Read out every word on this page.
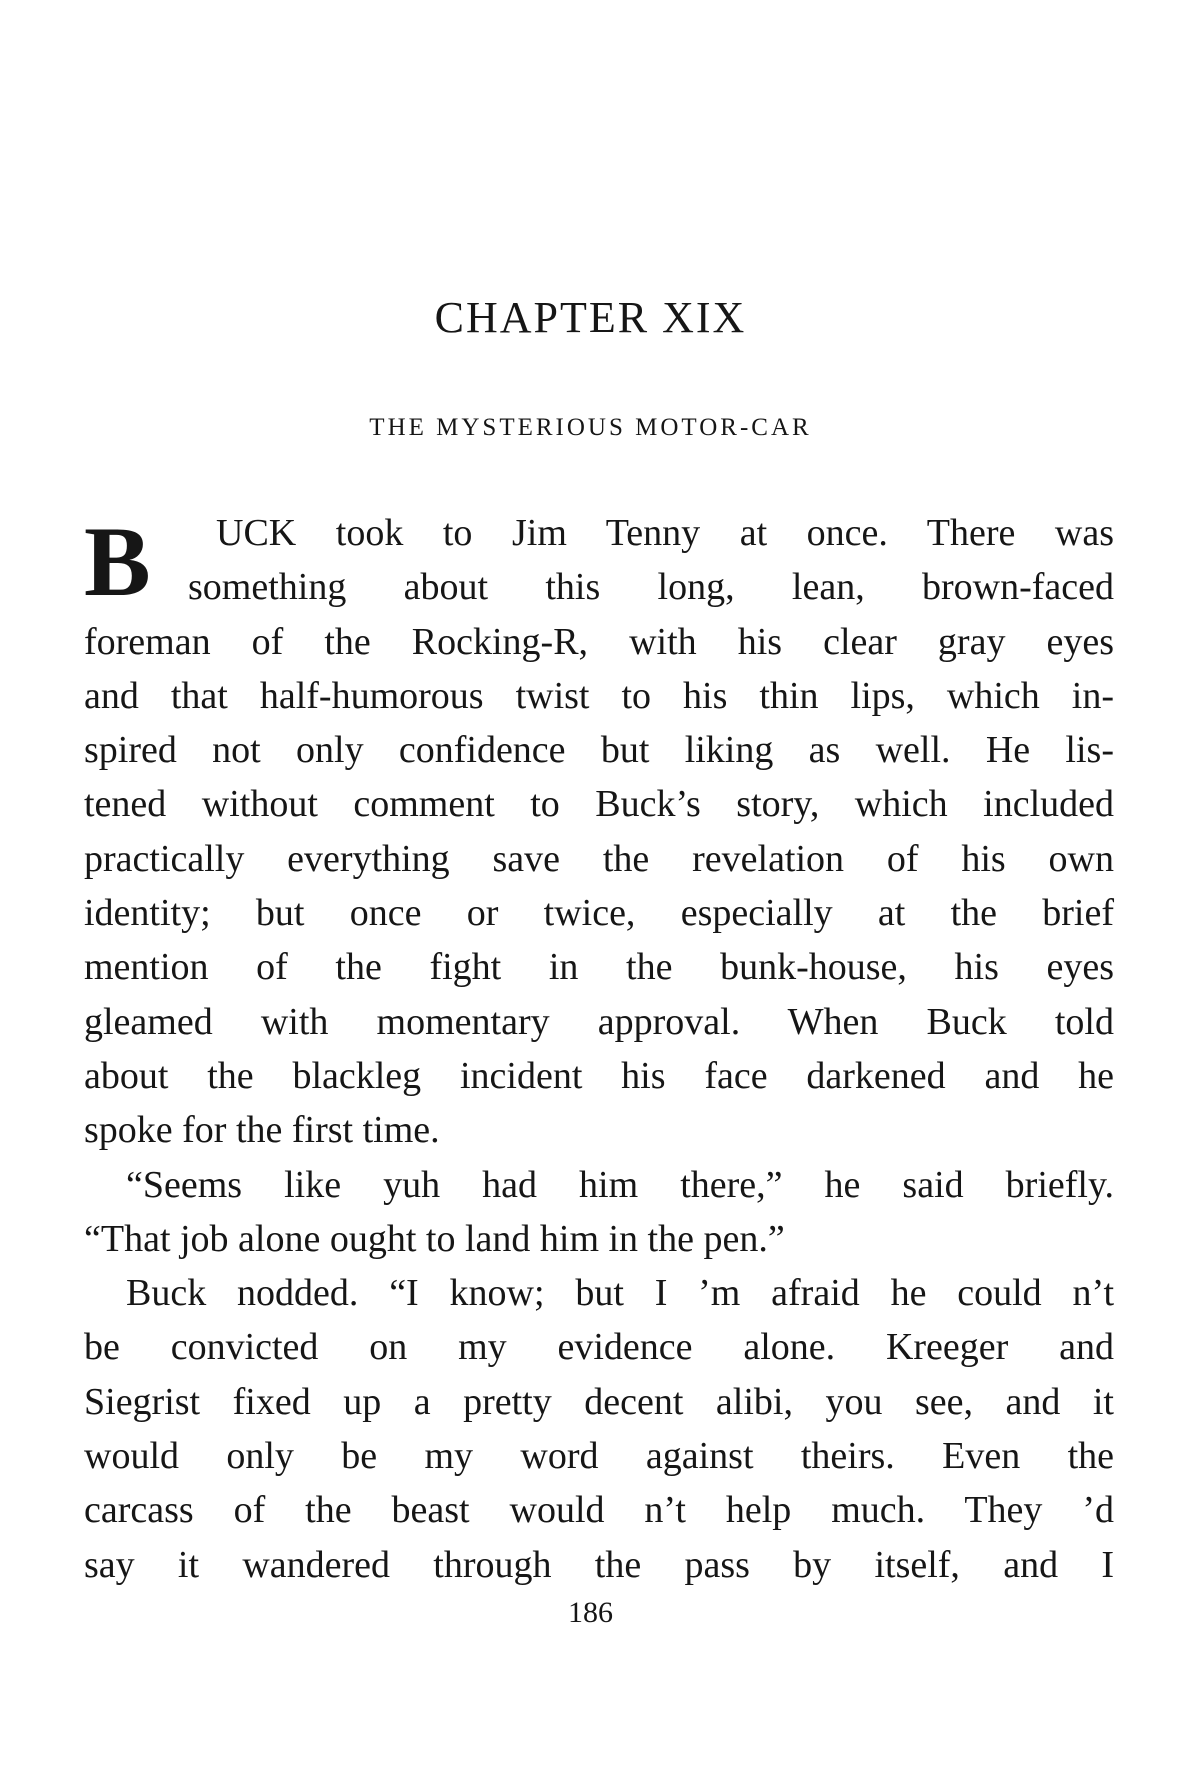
CHAPTER XIX
THE MYSTERIOUS MOTOR-CAR
B	UCK took to Jim Tenny at once. There was
something about this long, lean, brown-faced
foreman of the Rocking-R, with his clear gray eyes
and that half-humorous twist to his thin lips, which in-
spired not only confidence but liking as well. He lis-
tened without comment to Buck’s story, which included
practically everything save the revelation of his own
identity; but once or twice, especially at the brief
mention of the fight in the bunk-house, his eyes
gleamed with momentary approval. When Buck told
about the blackleg incident his face darkened and he
spoke for the first time.
“Seems like yuh had him there,” he said briefly.
“That job alone ought to land him in the pen.”
Buck nodded. “I know; but I ’m afraid he could n’t
be convicted on my evidence alone. Kreeger and
Siegrist fixed up a pretty decent alibi, you see, and it
would only be my word against theirs. Even the
carcass of the beast would n’t help much. They ’d
say it wandered through the pass by itself, and I
186
